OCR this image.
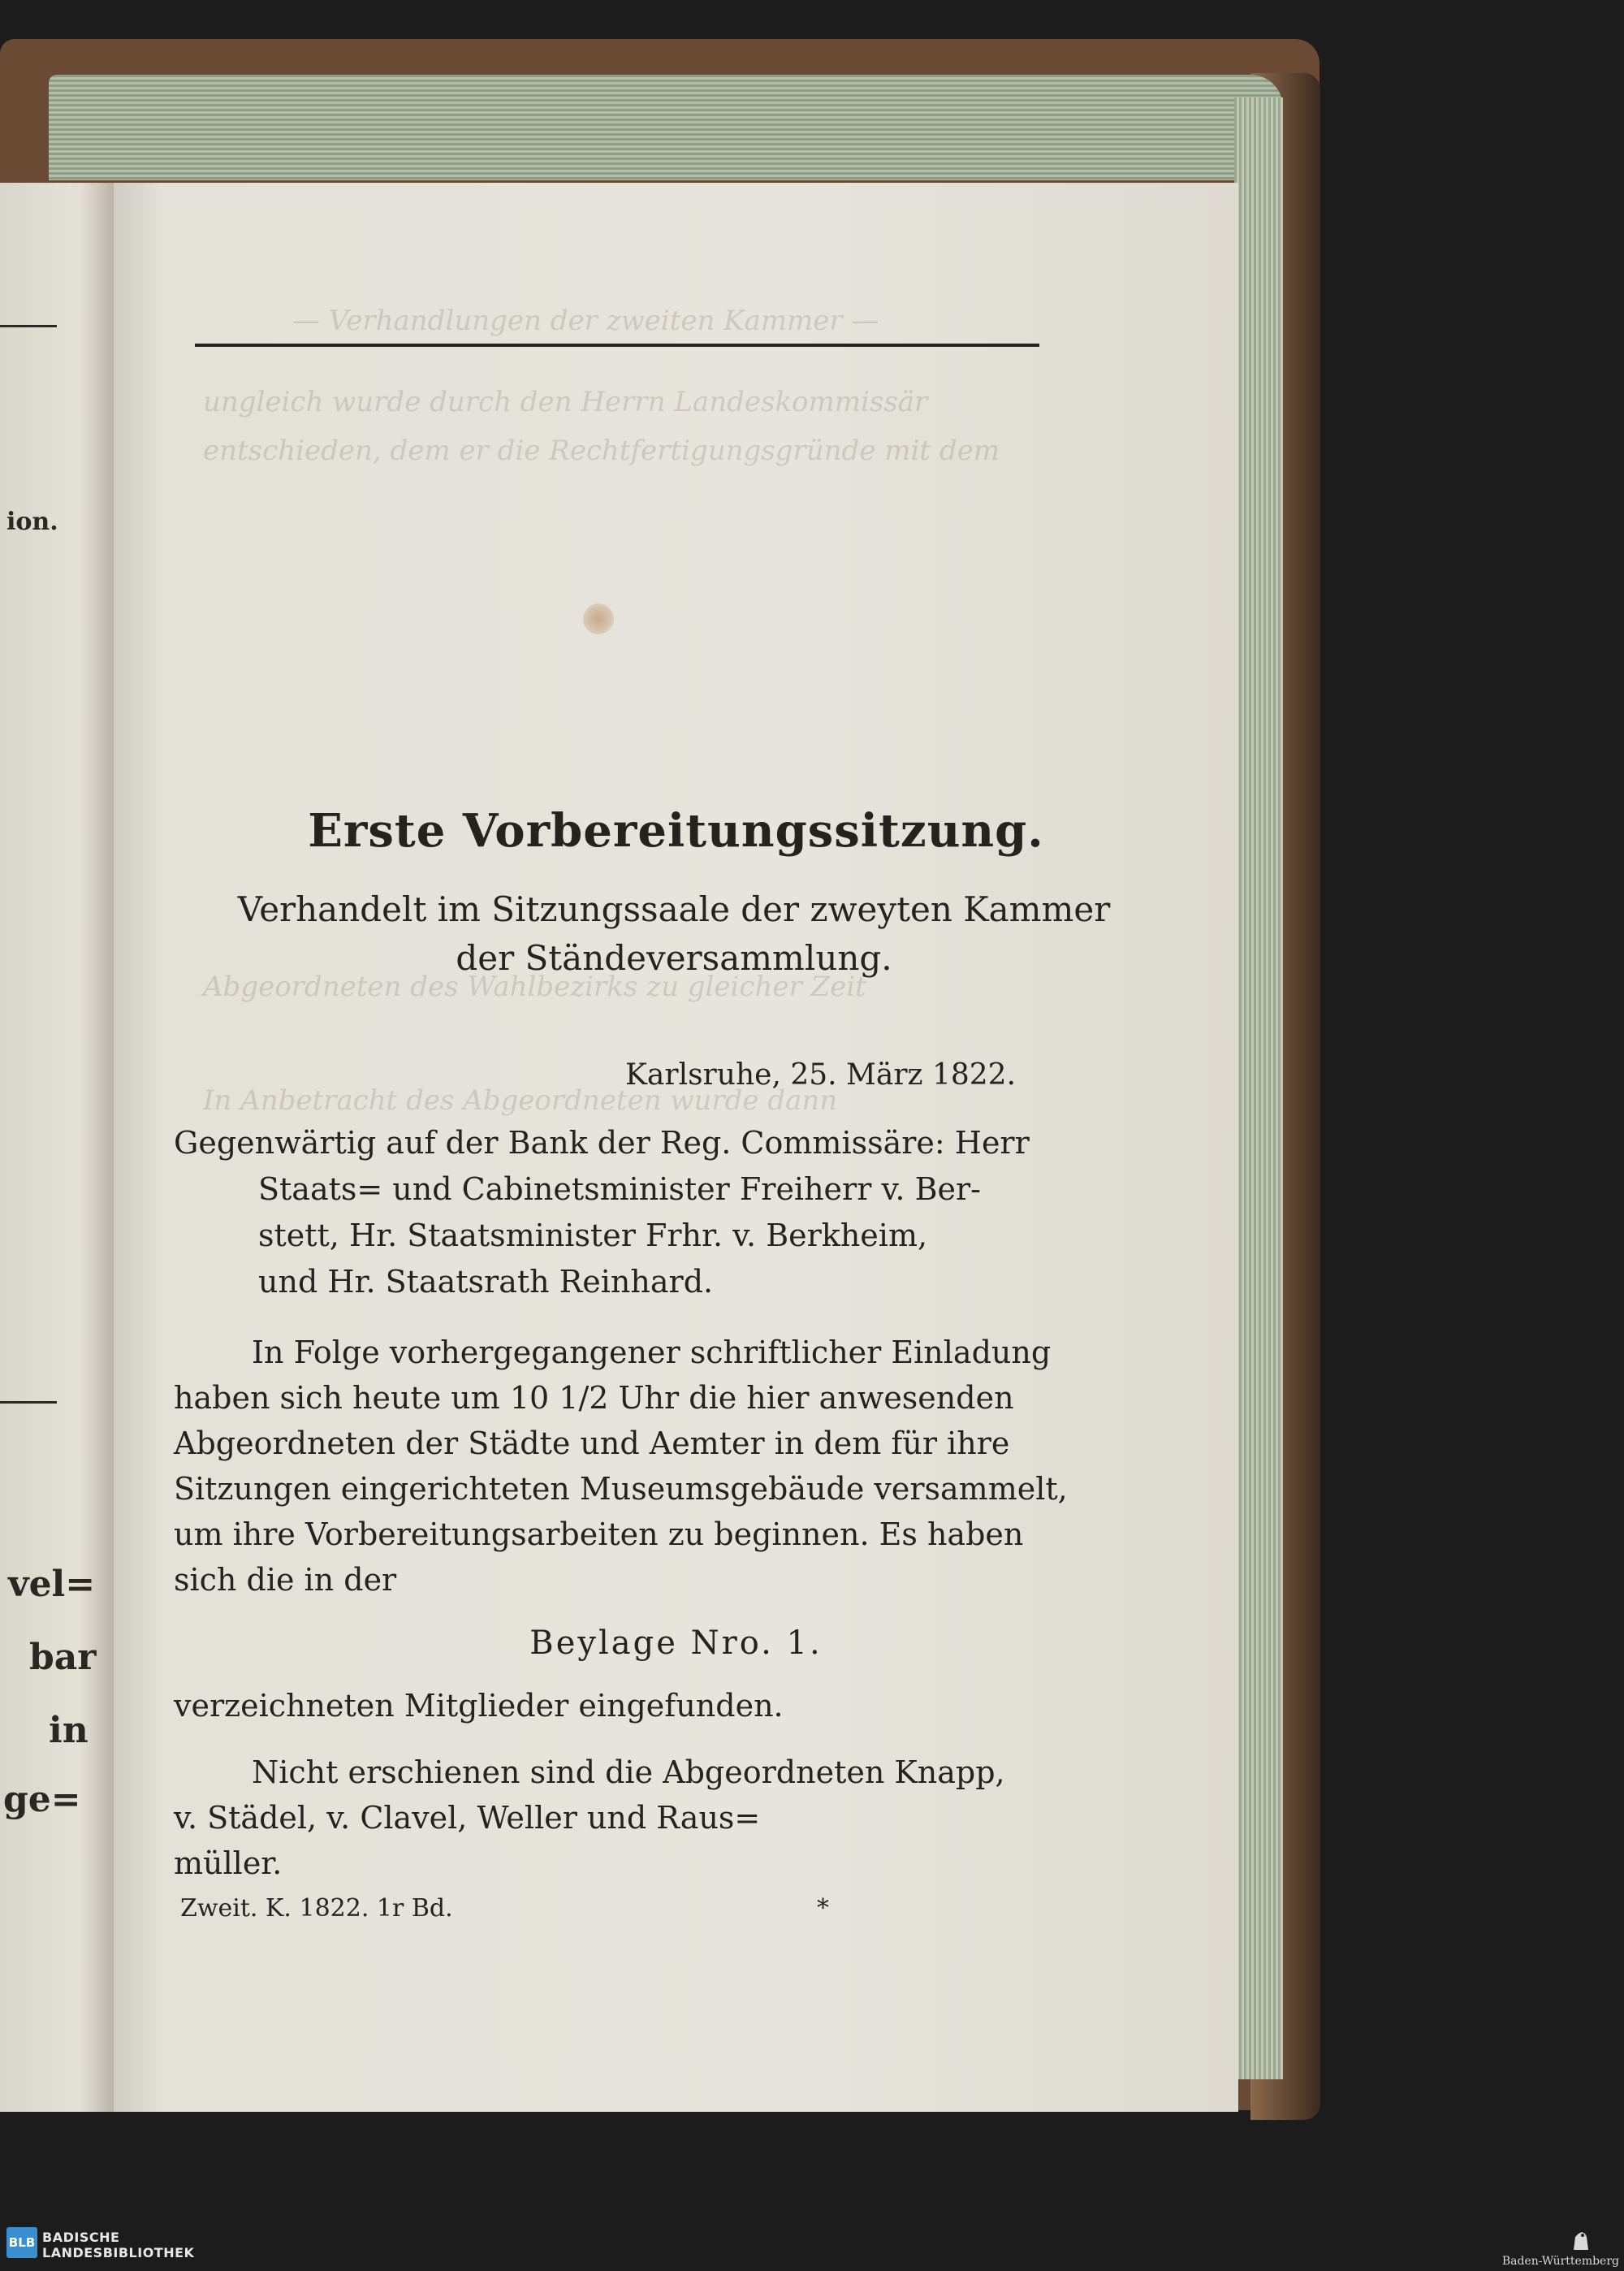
ion.
vel=
bar
in
ge=
— Verhandlungen der zweiten Kammer —
ungleich wurde durch den Herrn Landeskommissär
entschieden, dem er die Rechtfertigungsgründe mit dem
Abgeordneten des Wahlbezirks zu gleicher Zeit
In Anbetracht des Abgeordneten wurde dann
Erste Vorbereitungssitzung.
Verhandelt im Sitzungssaale der zweyten Kammer
der Ständeversammlung.
Karlsruhe, 25. März 1822.
Gegenwärtig auf der Bank der Reg. Commissäre: Herr
Staats= und Cabinetsminister Freiherr v. Ber-
stett, Hr. Staatsminister Frhr. v. Berkheim,
und Hr. Staatsrath Reinhard.
In Folge vorhergegangener schriftlicher Einladung
haben sich heute um 10 1/2 Uhr die hier anwesenden
Abgeordneten der Städte und Aemter in dem für ihre
Sitzungen eingerichteten Museumsgebäude versammelt,
um ihre Vorbereitungsarbeiten zu beginnen. Es haben
sich die in der
Beylage Nro. 1.
verzeichneten Mitglieder eingefunden.
Nicht erschienen sind die Abgeordneten Knapp,
v. Städel, v. Clavel, Weller und Raus=
müller.
Zweit. K. 1822. 1r Bd.	*
BLB BADISCHE
LANDESBIBLIOTHEK
Baden-Württemberg
